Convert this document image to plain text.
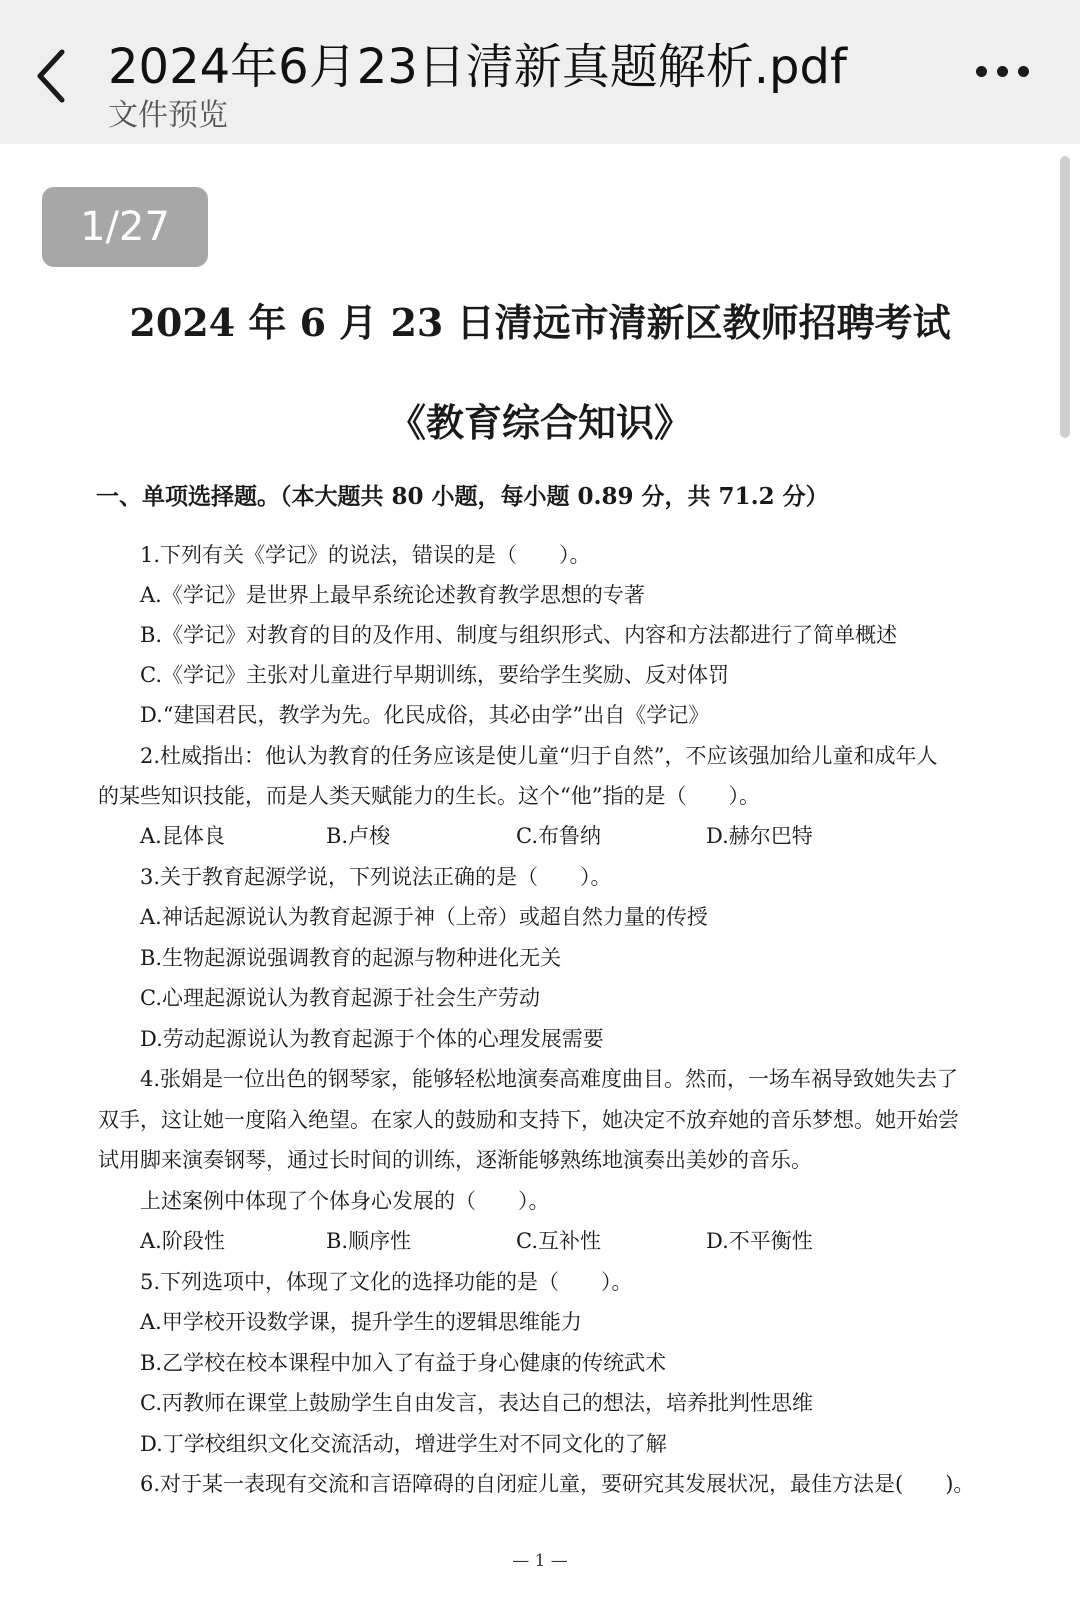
2024年6月23日清新真题解析.pdf
文件预览
2024 年 6 月 23 日清远市清新区教师招聘考试
《教育综合知识》
一、单项选择题。（本大题共 80 小题，每小题 0.89 分，共 71.2 分）
1.下列有关《学记》的说法，错误的是（　　）。
A.《学记》是世界上最早系统论述教育教学思想的专著
B.《学记》对教育的目的及作用、制度与组织形式、内容和方法都进行了简单概述
C.《学记》主张对儿童进行早期训练，要给学生奖励、反对体罚
D.“建国君民，教学为先。化民成俗，其必由学”出自《学记》
2.杜威指出：他认为教育的任务应该是使儿童“归于自然”，不应该强加给儿童和成年人
的某些知识技能，而是人类天赋能力的生长。这个“他”指的是（　　）。
A.昆体良	B.卢梭	C.布鲁纳	D.赫尔巴特
3.关于教育起源学说，下列说法正确的是（　　）。
A.神话起源说认为教育起源于神（上帝）或超自然力量的传授
B.生物起源说强调教育的起源与物种进化无关
C.心理起源说认为教育起源于社会生产劳动
D.劳动起源说认为教育起源于个体的心理发展需要
4.张娟是一位出色的钢琴家，能够轻松地演奏高难度曲目。然而，一场车祸导致她失去了
双手，这让她一度陷入绝望。在家人的鼓励和支持下，她决定不放弃她的音乐梦想。她开始尝
试用脚来演奏钢琴，通过长时间的训练，逐渐能够熟练地演奏出美妙的音乐。
上述案例中体现了个体身心发展的（　　）。
A.阶段性	B.顺序性	C.互补性	D.不平衡性
5.下列选项中，体现了文化的选择功能的是（　　）。
A.甲学校开设数学课，提升学生的逻辑思维能力
B.乙学校在校本课程中加入了有益于身心健康的传统武术
C.丙教师在课堂上鼓励学生自由发言，表达自己的想法，培养批判性思维
D.丁学校组织文化交流活动，增进学生对不同文化的了解
6.对于某一表现有交流和言语障碍的自闭症儿童，要研究其发展状况，最佳方法是(　　)。
— 1 —
1/27
